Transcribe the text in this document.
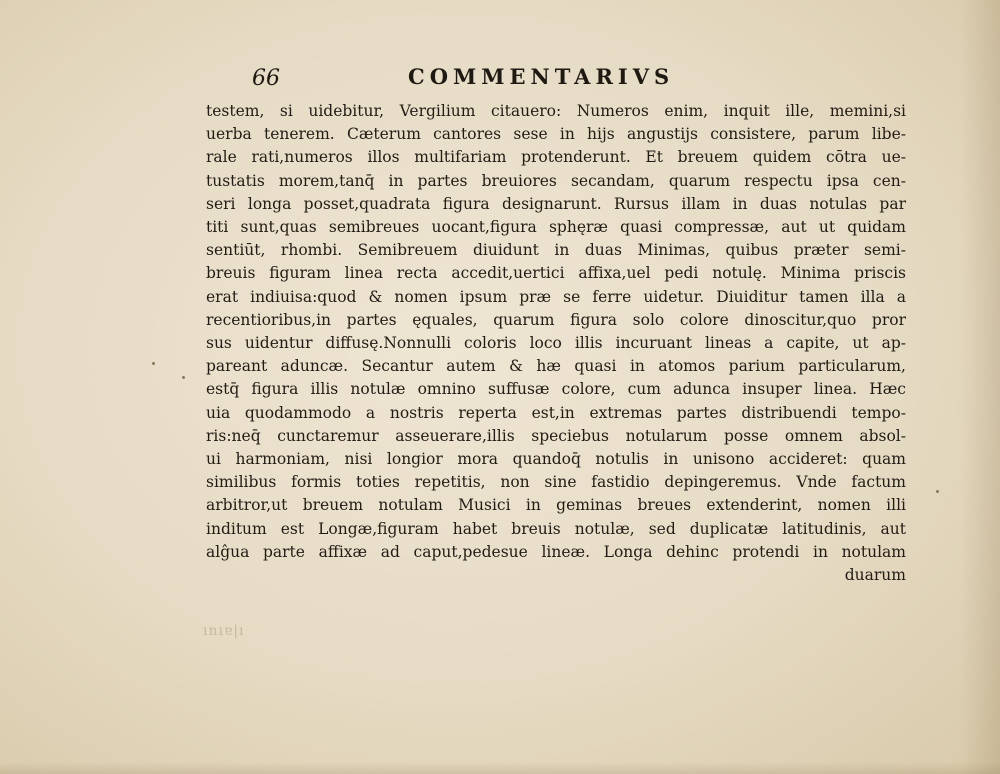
66	COMMENTARIVS
testem, si uidebitur, Vergilium citauero: Numeros enim, inquit ille, memini,si
uerba tenerem. Cæterum cantores sese in hijs angustijs consistere, parum libe-
rale rati,numeros illos multifariam protenderunt. Et breuem quidem cōtra ue-
tustatis morem,tanq̄ in partes breuiores secandam, quarum respectu ipsa cen-
seri longa posset,quadrata figura designarunt. Rursus illam in duas notulas par
titi sunt,quas semibreues uocant,figura sphęræ quasi compressæ, aut ut quidam
sentiūt, rhombi. Semibreuem diuidunt in duas Minimas, quibus præter semi-
breuis figuram linea recta accedit,uertici affixa,uel pedi notulę. Minima priscis
erat indiuisa:quod & nomen ipsum præ se ferre uidetur. Diuiditur tamen illa a
recentioribus,in partes ęquales, quarum figura solo colore dinoscitur,quo pror
sus uidentur diffusę.Nonnulli coloris loco illis incuruant lineas a capite, ut ap-
pareant aduncæ. Secantur autem & hæ quasi in atomos parium particularum,
estq̄ figura illis notulæ omnino suffusæ colore, cum adunca insuper linea. Hæc
uia quodammodo a nostris reperta est,in extremas partes distribuendi tempo-
ris:neq̄ cunctaremur asseuerare,illis speciebus notularum posse omnem absol-
ui harmoniam, nisi longior mora quandoq̄ notulis in unisono accideret: quam
similibus formis toties repetitis, non sine fastidio depingeremus. Vnde factum
arbitror,ut breuem notulam Musici in geminas breues extenderint, nomen illi
inditum est Longæ,figuram habet breuis notulæ, sed duplicatæ latitudinis, aut
alĝua parte affixæ ad caput,pedesue lineæ. Longa dehinc protendi in notulam
duarum
ınıɐ|ı
